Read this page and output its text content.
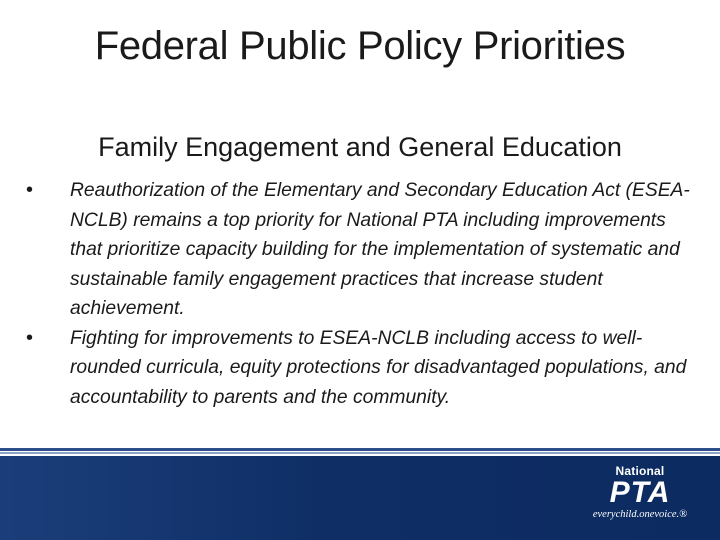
Federal Public Policy Priorities
Family Engagement and General Education
• Reauthorization of the Elementary and Secondary Education Act (ESEA-NCLB) remains a top priority for National PTA including improvements that prioritize capacity building for the implementation of systematic and sustainable family engagement practices that increase student achievement.
• Fighting for improvements to ESEA-NCLB including access to well-rounded curricula, equity protections for disadvantaged populations, and accountability to parents and the community.
National
PTA
everychild.onevoice.®
